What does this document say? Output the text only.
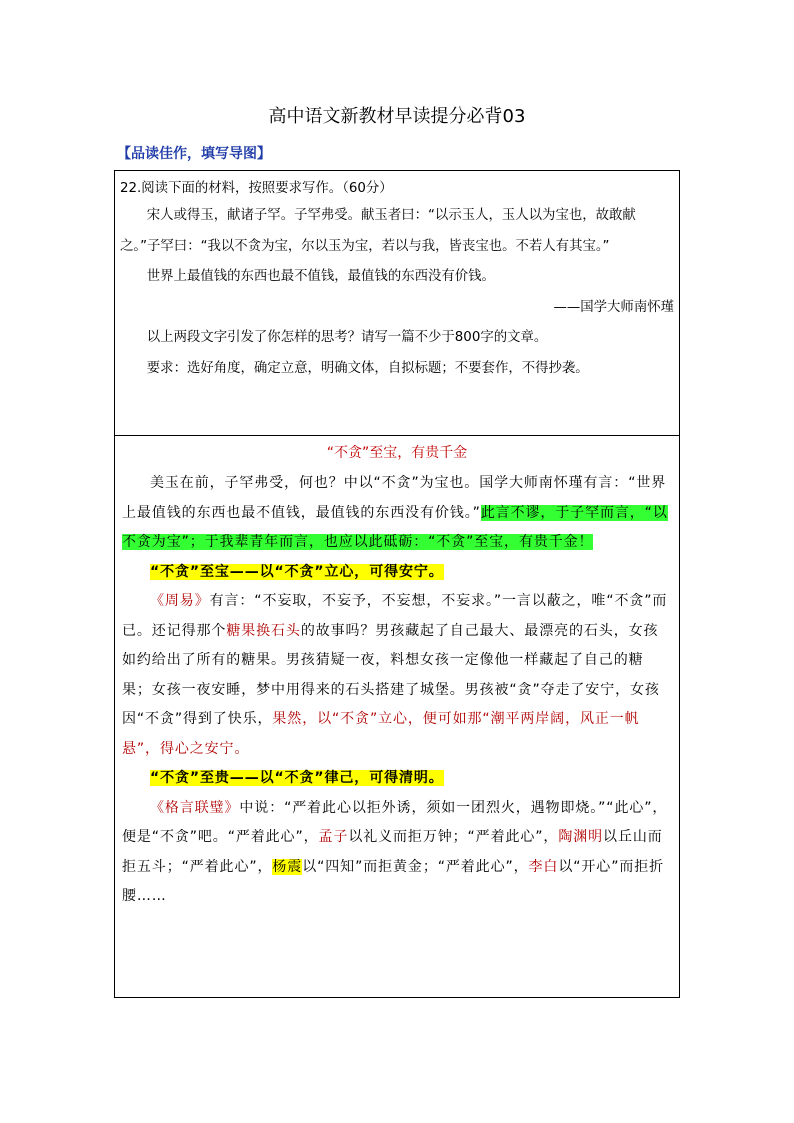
高中语文新教材早读提分必背03
【品读佳作，填写导图】

22.阅读下面的材料，按照要求写作。（60分）

宋人或得玉，献诸子罕。子罕弗受。献玉者曰：“以示玉人，玉人以为宝也，故敢献之。”子罕曰：“我以不贪为宝，尔以玉为宝，若以与我，皆丧宝也。不若人有其宝。”

世界上最值钱的东西也最不值钱，最值钱的东西没有价钱。

——国学大师南怀瑾

以上两段文字引发了你怎样的思考？请写一篇不少于800字的文章。

要求：选好角度，确定立意，明确文体，自拟标题；不要套作，不得抄袭。

“不贪”至宝，有贵千金

美玉在前，子罕弗受，何也？中以“不贪”为宝也。国学大师南怀瑾有言：“世界上最值钱的东西也最不值钱，最值钱的东西没有价钱。”此言不谬，于子罕而言，“以不贪为宝”；于我辈青年而言，也应以此砥砺：“不贪”至宝，有贵千金！

“不贪”至宝——以“不贪”立心，可得安宁。

《周易》有言：“不妄取，不妄予，不妄想，不妄求。”一言以蔽之，唯“不贪”而已。还记得那个糖果换石头的故事吗？男孩藏起了自己最大、最漂亮的石头，女孩如约给出了所有的糖果。男孩猜疑一夜，料想女孩一定像他一样藏起了自己的糖果；女孩一夜安睡，梦中用得来的石头搭建了城堡。男孩被“贪”夺走了安宁，女孩因“不贪”得到了快乐，果然，以“不贪”立心，便可如那“潮平两岸阔，风正一帆悬”，得心之安宁。

“不贪”至贵——以“不贪”律己，可得清明。

《格言联璧》中说：“严着此心以拒外诱，须如一团烈火，遇物即烧。”“此心”，便是“不贪”吧。“严着此心”，孟子以礼义而拒万钟；“严着此心”，陶渊明以丘山而拒五斗；“严着此心”，杨震以“四知”而拒黄金；“严着此心”，李白以“开心”而拒折腰……
